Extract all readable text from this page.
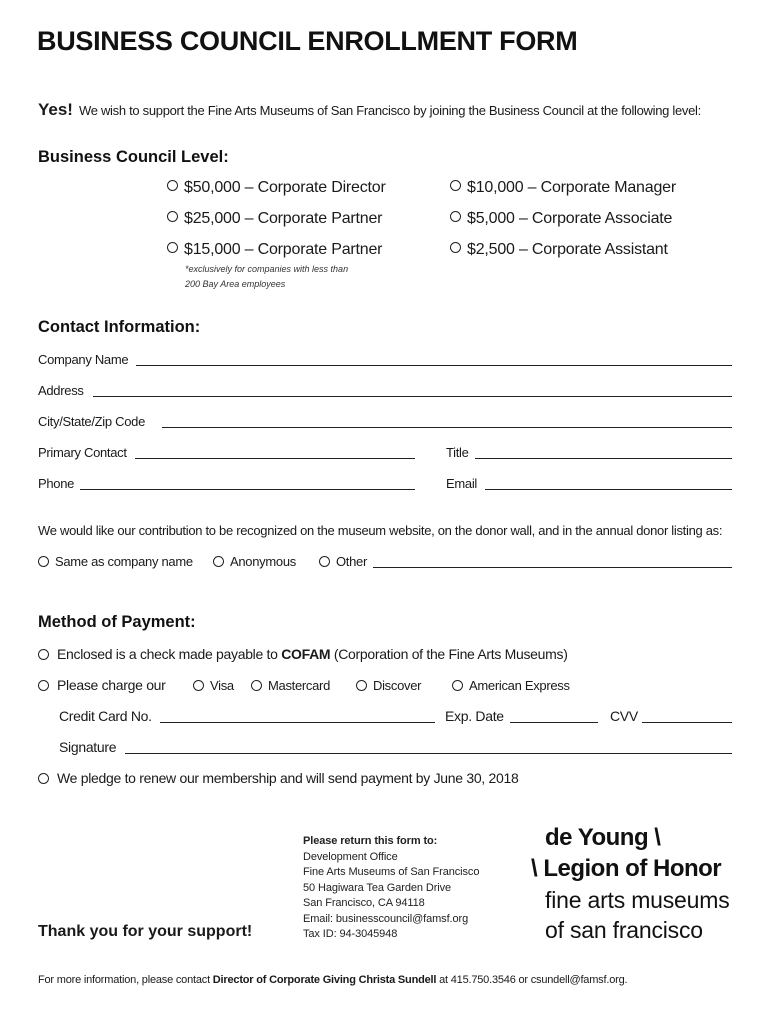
BUSINESS COUNCIL ENROLLMENT FORM
Yes! We wish to support the Fine Arts Museums of San Francisco by joining the Business Council at the following level:
Business Council Level:
$50,000 – Corporate Director
$25,000 – Corporate Partner
$15,000 – Corporate Partner
*exclusively for companies with less than
200 Bay Area employees
$10,000 – Corporate Manager
$5,000 – Corporate Associate
$2,500 – Corporate Assistant
Contact Information:
Company Name
Address
City/State/Zip Code
Primary Contact	Title
Phone	Email
We would like our contribution to be recognized on the museum website, on the donor wall, and in the annual donor listing as:
Same as company name	Anonymous	Other
Method of Payment:
Enclosed is a check made payable to COFAM (Corporation of the Fine Arts Museums)
Please charge our	Visa	Mastercard	Discover	American Express
Credit Card No.	Exp. Date	CVV
Signature
We pledge to renew our membership and will send payment by June 30, 2018
Please return this form to:
Development Office
Fine Arts Museums of San Francisco
50 Hagiwara Tea Garden Drive
San Francisco, CA 94118
Email: businesscouncil@famsf.org
Tax ID: 94-3045948
Thank you for your support!
de Young \
\ Legion of Honor
fine arts museums
of san francisco
For more information, please contact Director of Corporate Giving Christa Sundell at 415.750.3546 or csundell@famsf.org.
